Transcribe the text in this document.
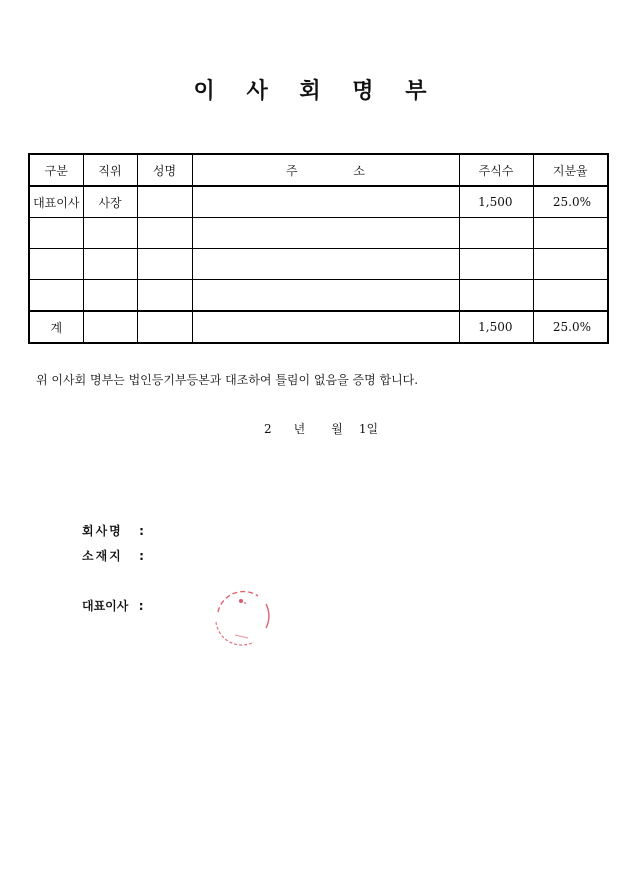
이 사 회 명 부
구분	직위	성명	주 소	주식수	지분율
대표이사	사장			1,500	25.0%

계				1,500	25.0%
위 이사회 명부는 법인등기부등본과 대조하여 틀림이 없음을 증명 합니다.
2 년 월 1일
회사명 :
소재지 :
대표이사 :
